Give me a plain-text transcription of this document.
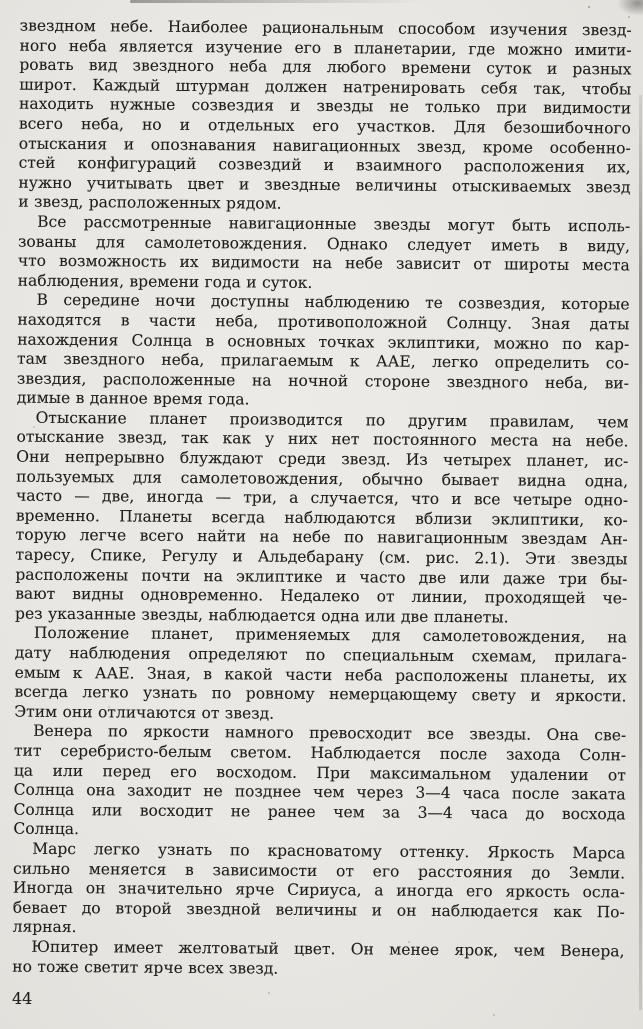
звездном небе. Наиболее рациональным способом изучения звезд-
ного неба является изучение его в планетарии, где можно имити-
ровать вид звездного неба для любого времени суток и разных
широт. Каждый штурман должен натренировать себя так, чтобы
находить нужные созвездия и звезды не только при видимости
всего неба, но и отдельных его участков. Для безошибочного
отыскания и опознавания навигационных звезд, кроме особенно-
стей конфигураций созвездий и взаимного расположения их,
нужно учитывать цвет и звездные величины отыскиваемых звезд
и звезд, расположенных рядом.
Все рассмотренные навигационные звезды могут быть исполь-
зованы для самолетовождения. Однако следует иметь в виду,
что возможность их видимости на небе зависит от широты места
наблюдения, времени года и суток.
В середине ночи доступны наблюдению те созвездия, которые
находятся в части неба, противоположной Солнцу. Зная даты
нахождения Солнца в основных точках эклиптики, можно по кар-
там звездного неба, прилагаемым к ААЕ, легко определить со-
звездия, расположенные на ночной стороне звездного неба, ви-
димые в данное время года.
Отыскание планет производится по другим правилам, чем
отыскание звезд, так как у них нет постоянного места на небе.
Они непрерывно блуждают среди звезд. Из четырех планет, ис-
пользуемых для самолетовождения, обычно бывает видна одна,
часто — две, иногда — три, а случается, что и все четыре одно-
временно. Планеты всегда наблюдаются вблизи эклиптики, ко-
торую легче всего найти на небе по навигационным звездам Ан-
таресу, Спике, Регулу и Альдебарану (см. рис. 2.1). Эти звезды
расположены почти на эклиптике и часто две или даже три бы-
вают видны одновременно. Недалеко от линии, проходящей че-
рез указанные звезды, наблюдается одна или две планеты.
Положение планет, применяемых для самолетовождения, на
дату наблюдения определяют по специальным схемам, прилага-
емым к ААЕ. Зная, в какой части неба расположены планеты, их
всегда легко узнать по ровному немерцающему свету и яркости.
Этим они отличаются от звезд.
Венера по яркости намного превосходит все звезды. Она све-
тит серебристо-белым светом. Наблюдается после захода Солн-
ца или перед его восходом. При максимальном удалении от
Солнца она заходит не позднее чем через 3—4 часа после заката
Солнца или восходит не ранее чем за 3—4 часа до восхода
Солнца.
Марс легко узнать по красноватому оттенку. Яркость Марса
сильно меняется в зависимости от его расстояния до Земли.
Иногда он значительно ярче Сириуса, а иногда его яркость осла-
бевает до второй звездной величины и он наблюдается как По-
лярная.
Юпитер имеет желтоватый цвет. Он менее ярок, чем Венера,
но тоже светит ярче всех звезд.
44
